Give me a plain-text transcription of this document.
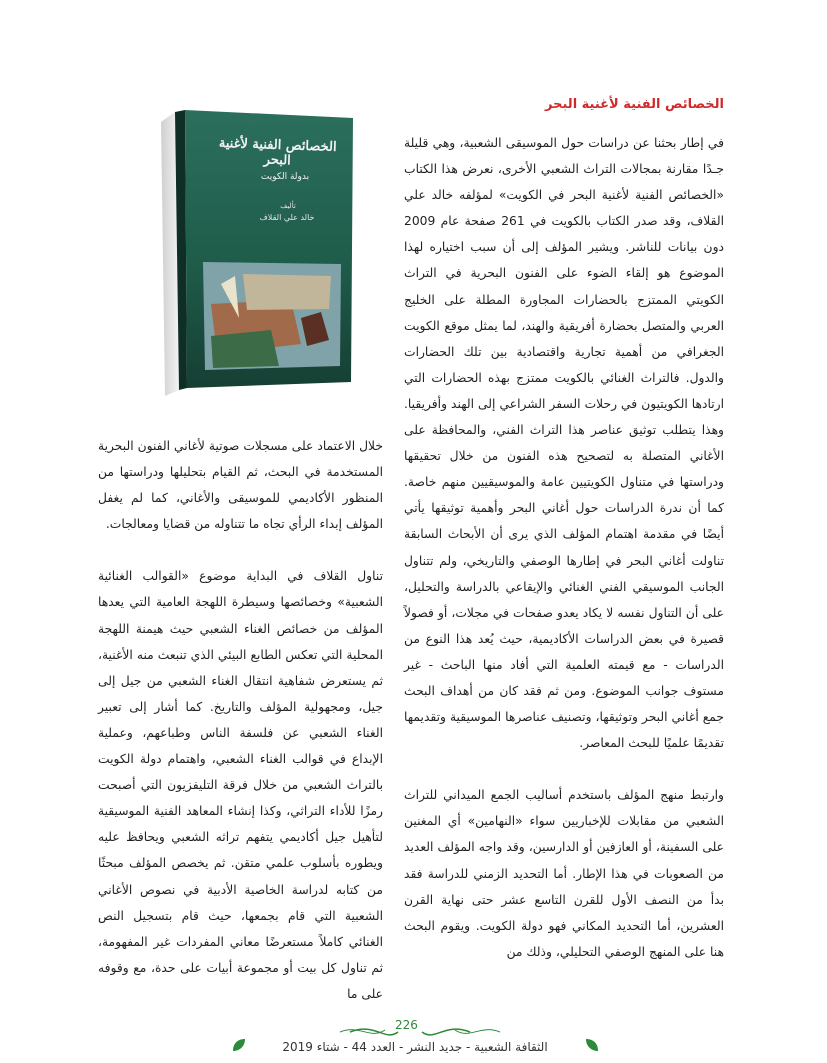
الخصائص الفنية لأغنية البحر

في إطار بحثنا عن دراسات حول الموسيقى الشعبية، وهي قليلة جـدًا مقارنة بمجالات التراث الشعبي الأخرى، نعرض هذا الكتاب «الخصائص الفنية لأغنية البحر في الكويت» لمؤلفه خالد علي القلاف، وقد صدر الكتاب بالكويت في 261 صفحة عام 2009 دون بيانات للناشر. ويشير المؤلف إلى أن سبب اختياره لهذا الموضوع هو إلقاء الضوء على الفنون البحرية في التراث الكويتي الممتزج بالحضارات المجاورة المطلة على الخليج العربي والمتصل بحضارة أفريقية والهند، لما يمثل موقع الكويت الجغرافي من أهمية تجارية واقتصادية بين تلك الحضارات والدول. فالتراث الغنائي بالكويت ممتزج بهذه الحضارات التي ارتادها الكويتيون في رحلات السفر الشراعي إلى الهند وأفريقيا. وهذا يتطلب توثيق عناصر هذا التراث الفني، والمحافظة على الأغاني المتصلة به لتصحيح هذه الفنون من خلال تحقيقها ودراستها في متناول الكويتيين عامة والموسيقيين منهم خاصة. كما أن ندرة الدراسات حول أغاني البحر وأهمية توثيقها يأتي أيضًا في مقدمة اهتمام المؤلف الذي يرى أن الأبحاث السابقة تناولت أغاني البحر في إطارها الوصفي والتاريخي، ولم تتناول الجانب الموسيقي الفني الغنائي والإيقاعي بالدراسة والتحليل، على أن التناول نفسه لا يكاد يعدو صفحات في مجلات، أو فصولاً قصيرة في بعض الدراسات الأكاديمية، حيث يُعد هذا النوع من الدراسات - مع قيمته العلمية التي أفاد منها الباحث - غير مستوف جوانب الموضوع. ومن ثم فقد كان من أهداف البحث جمع أغاني البحر وتوثيقها، وتصنيف عناصرها الموسيقية وتقديمها تقديمًا علميًا للبحث المعاصر.

وارتبط منهج المؤلف باستخدم أساليب الجمع الميداني للتراث الشعبي من مقابلات للإخباريين سواء «النهامين» أي المغنين على السفينة، أو العازفين أو الدارسين، وقد واجه المؤلف العديد من الصعوبات في هذا الإطار. أما التحديد الزمني للدراسة فقد بدأ من النصف الأول للقرن التاسع عشر حتى نهاية القرن العشرين، أما التحديد المكاني فهو دولة الكويت. ويقوم البحث هنا على المنهج الوصفي التحليلي، وذلك من

خلال الاعتماد على مسجلات صوتية لأغاني الفنون البحرية المستخدمة في البحث، ثم القيام بتحليلها ودراستها من المنظور الأكاديمي للموسيقى والأغاني، كما لم يغفل المؤلف إبداء الرأي تجاه ما تتناوله من قضايا ومعالجات.

تناول القلاف في البداية موضوع «القوالب الغنائية الشعبية» وخصائصها وسيطرة اللهجة العامية التي يعدها المؤلف من خصائص الغناء الشعبي حيث هيمنة اللهجة المحلية التي تعكس الطابع البيئي الذي تنبعث منه الأغنية، ثم يستعرض شفاهية انتقال الغناء الشعبي من جيل إلى جيل، ومجهولية المؤلف والتاريخ. كما أشار إلى تعبير الغناء الشعبي عن فلسفة الناس وطباعهم، وعملية الإبداع في قوالب الغناء الشعبي، واهتمام دولة الكويت بالتراث الشعبي من خلال فرقة التليفزيون التي أصبحت رمزًا للأداء التراثي، وكذا إنشاء المعاهد الفنية الموسيقية لتأهيل جيل أكاديمي يتفهم تراثه الشعبي ويحافظ عليه ويطوره بأسلوب علمي متقن. ثم يخصص المؤلف مبحثًا من كتابه لدراسة الخاصية الأدبية في نصوص الأغاني الشعبية التي قام بجمعها، حيث قام بتسجيل النص الغنائي كاملاً مستعرضًا معاني المفردات غير المفهومة، ثم تناول كل بيت أو مجموعة أبيات على حدة، مع وقوفه على ما

الخصائص الفنية لأغنية البحر
بدولة الكويت
تأليف
خالد علي القلاف
226
الثقافة الشعبية - جديد النشر - العدد 44 - شتاء 2019
